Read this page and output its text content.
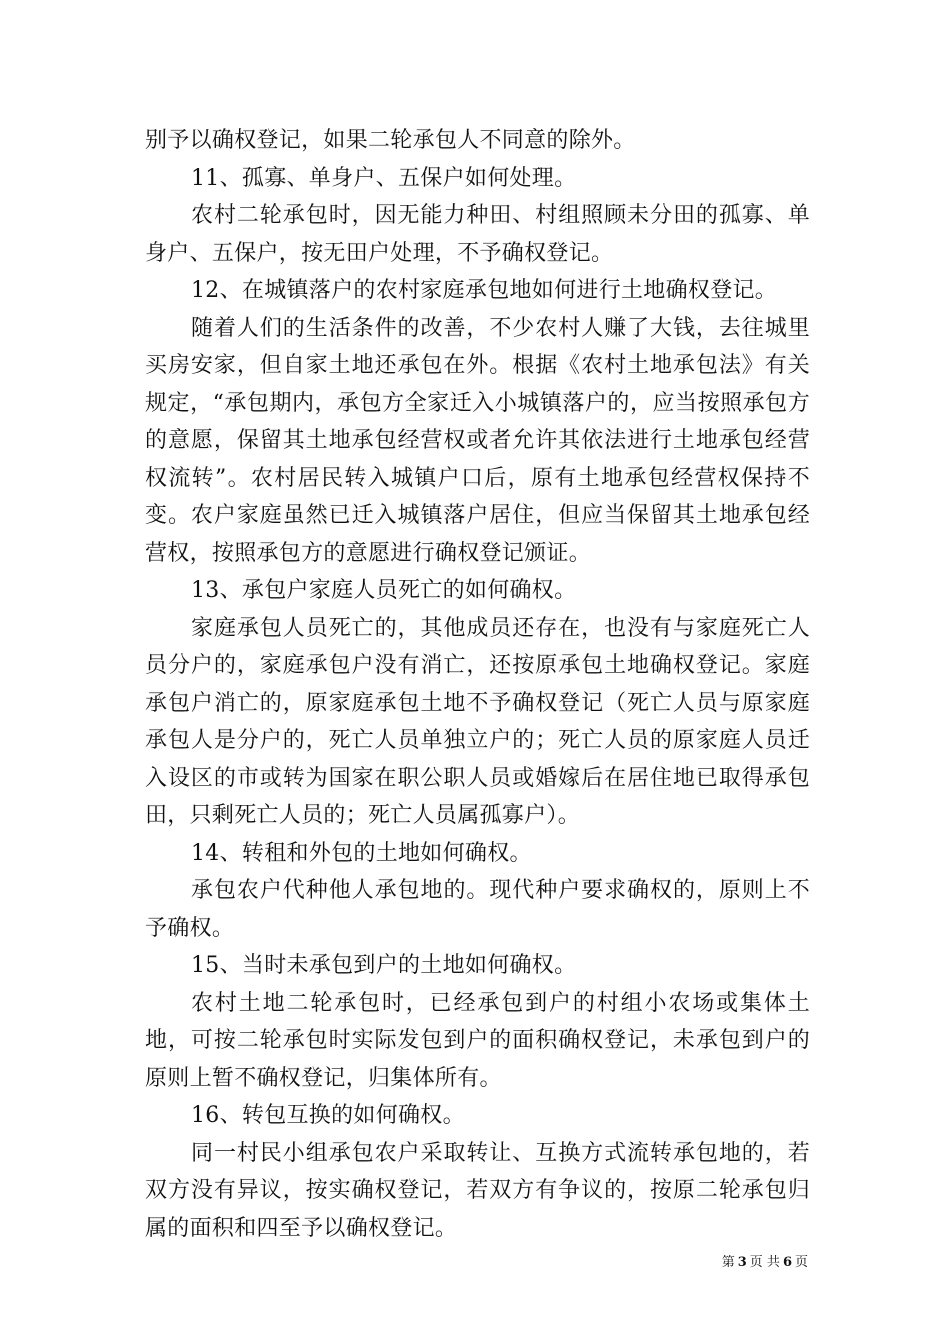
别予以确权登记，如果二轮承包人不同意的除外。

11、孤寡、单身户、五保户如何处理。

农村二轮承包时，因无能力种田、村组照顾未分田的孤寡、单身户、五保户，按无田户处理，不予确权登记。

12、在城镇落户的农村家庭承包地如何进行土地确权登记。

随着人们的生活条件的改善，不少农村人赚了大钱，去往城里买房安家，但自家土地还承包在外。根据《农村土地承包法》有关规定，“承包期内，承包方全家迁入小城镇落户的，应当按照承包方的意愿，保留其土地承包经营权或者允许其依法进行土地承包经营权流转”。农村居民转入城镇户口后，原有土地承包经营权保持不变。农户家庭虽然已迁入城镇落户居住，但应当保留其土地承包经营权，按照承包方的意愿进行确权登记颁证。

13、承包户家庭人员死亡的如何确权。

家庭承包人员死亡的，其他成员还存在，也没有与家庭死亡人员分户的，家庭承包户没有消亡，还按原承包土地确权登记。家庭承包户消亡的，原家庭承包土地不予确权登记（死亡人员与原家庭承包人是分户的，死亡人员单独立户的；死亡人员的原家庭人员迁入设区的市或转为国家在职公职人员或婚嫁后在居住地已取得承包田，只剩死亡人员的；死亡人员属孤寡户）。

14、转租和外包的土地如何确权。

承包农户代种他人承包地的。现代种户要求确权的，原则上不予确权。

15、当时未承包到户的土地如何确权。

农村土地二轮承包时，已经承包到户的村组小农场或集体土地，可按二轮承包时实际发包到户的面积确权登记，未承包到户的原则上暂不确权登记，归集体所有。

16、转包互换的如何确权。

同一村民小组承包农户采取转让、互换方式流转承包地的，若双方没有异议，按实确权登记，若双方有争议的，按原二轮承包归属的面积和四至予以确权登记。

第 3 页 共 6 页
